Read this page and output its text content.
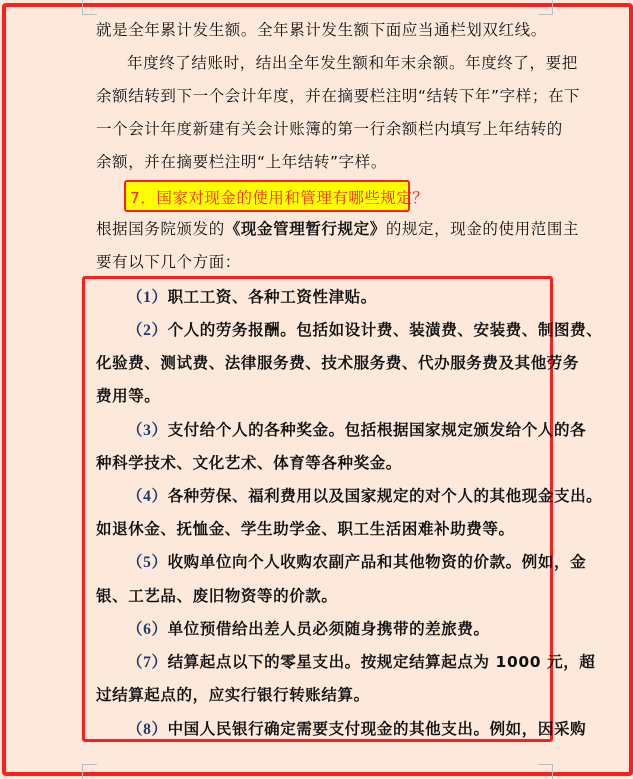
就是全年累计发生额。全年累计发生额下面应当通栏划双红线。
年度终了结账时，结出全年发生额和年末余额。年度终了，要把
余额结转到下一个会计年度，并在摘要栏注明“结转下年”字样；在下
一个会计年度新建有关会计账簿的第一行余额栏内填写上年结转的
余额，并在摘要栏注明“上年结转”字样。
7．国家对现金的使用和管理有哪些规定？
根据国务院颁发的《现金管理暂行规定》的规定，现金的使用范围主
要有以下几个方面：
（1）职工工资、各种工资性津贴。
（2）个人的劳务报酬。包括如设计费、装潢费、安装费、制图费、
化验费、测试费、法律服务费、技术服务费、代办服务费及其他劳务
费用等。
（3）支付给个人的各种奖金。包括根据国家规定颁发给个人的各
种科学技术、文化艺术、体育等各种奖金。
（4）各种劳保、福利费用以及国家规定的对个人的其他现金支出。
如退休金、抚恤金、学生助学金、职工生活困难补助费等。
（5）收购单位向个人收购农副产品和其他物资的价款。例如，金
银、工艺品、废旧物资等的价款。
（6）单位预借给出差人员必须随身携带的差旅费。
（7）结算起点以下的零星支出。按规定结算起点为 1000 元，超
过结算起点的，应实行银行转账结算。
（8）中国人民银行确定需要支付现金的其他支出。例如，因采购
